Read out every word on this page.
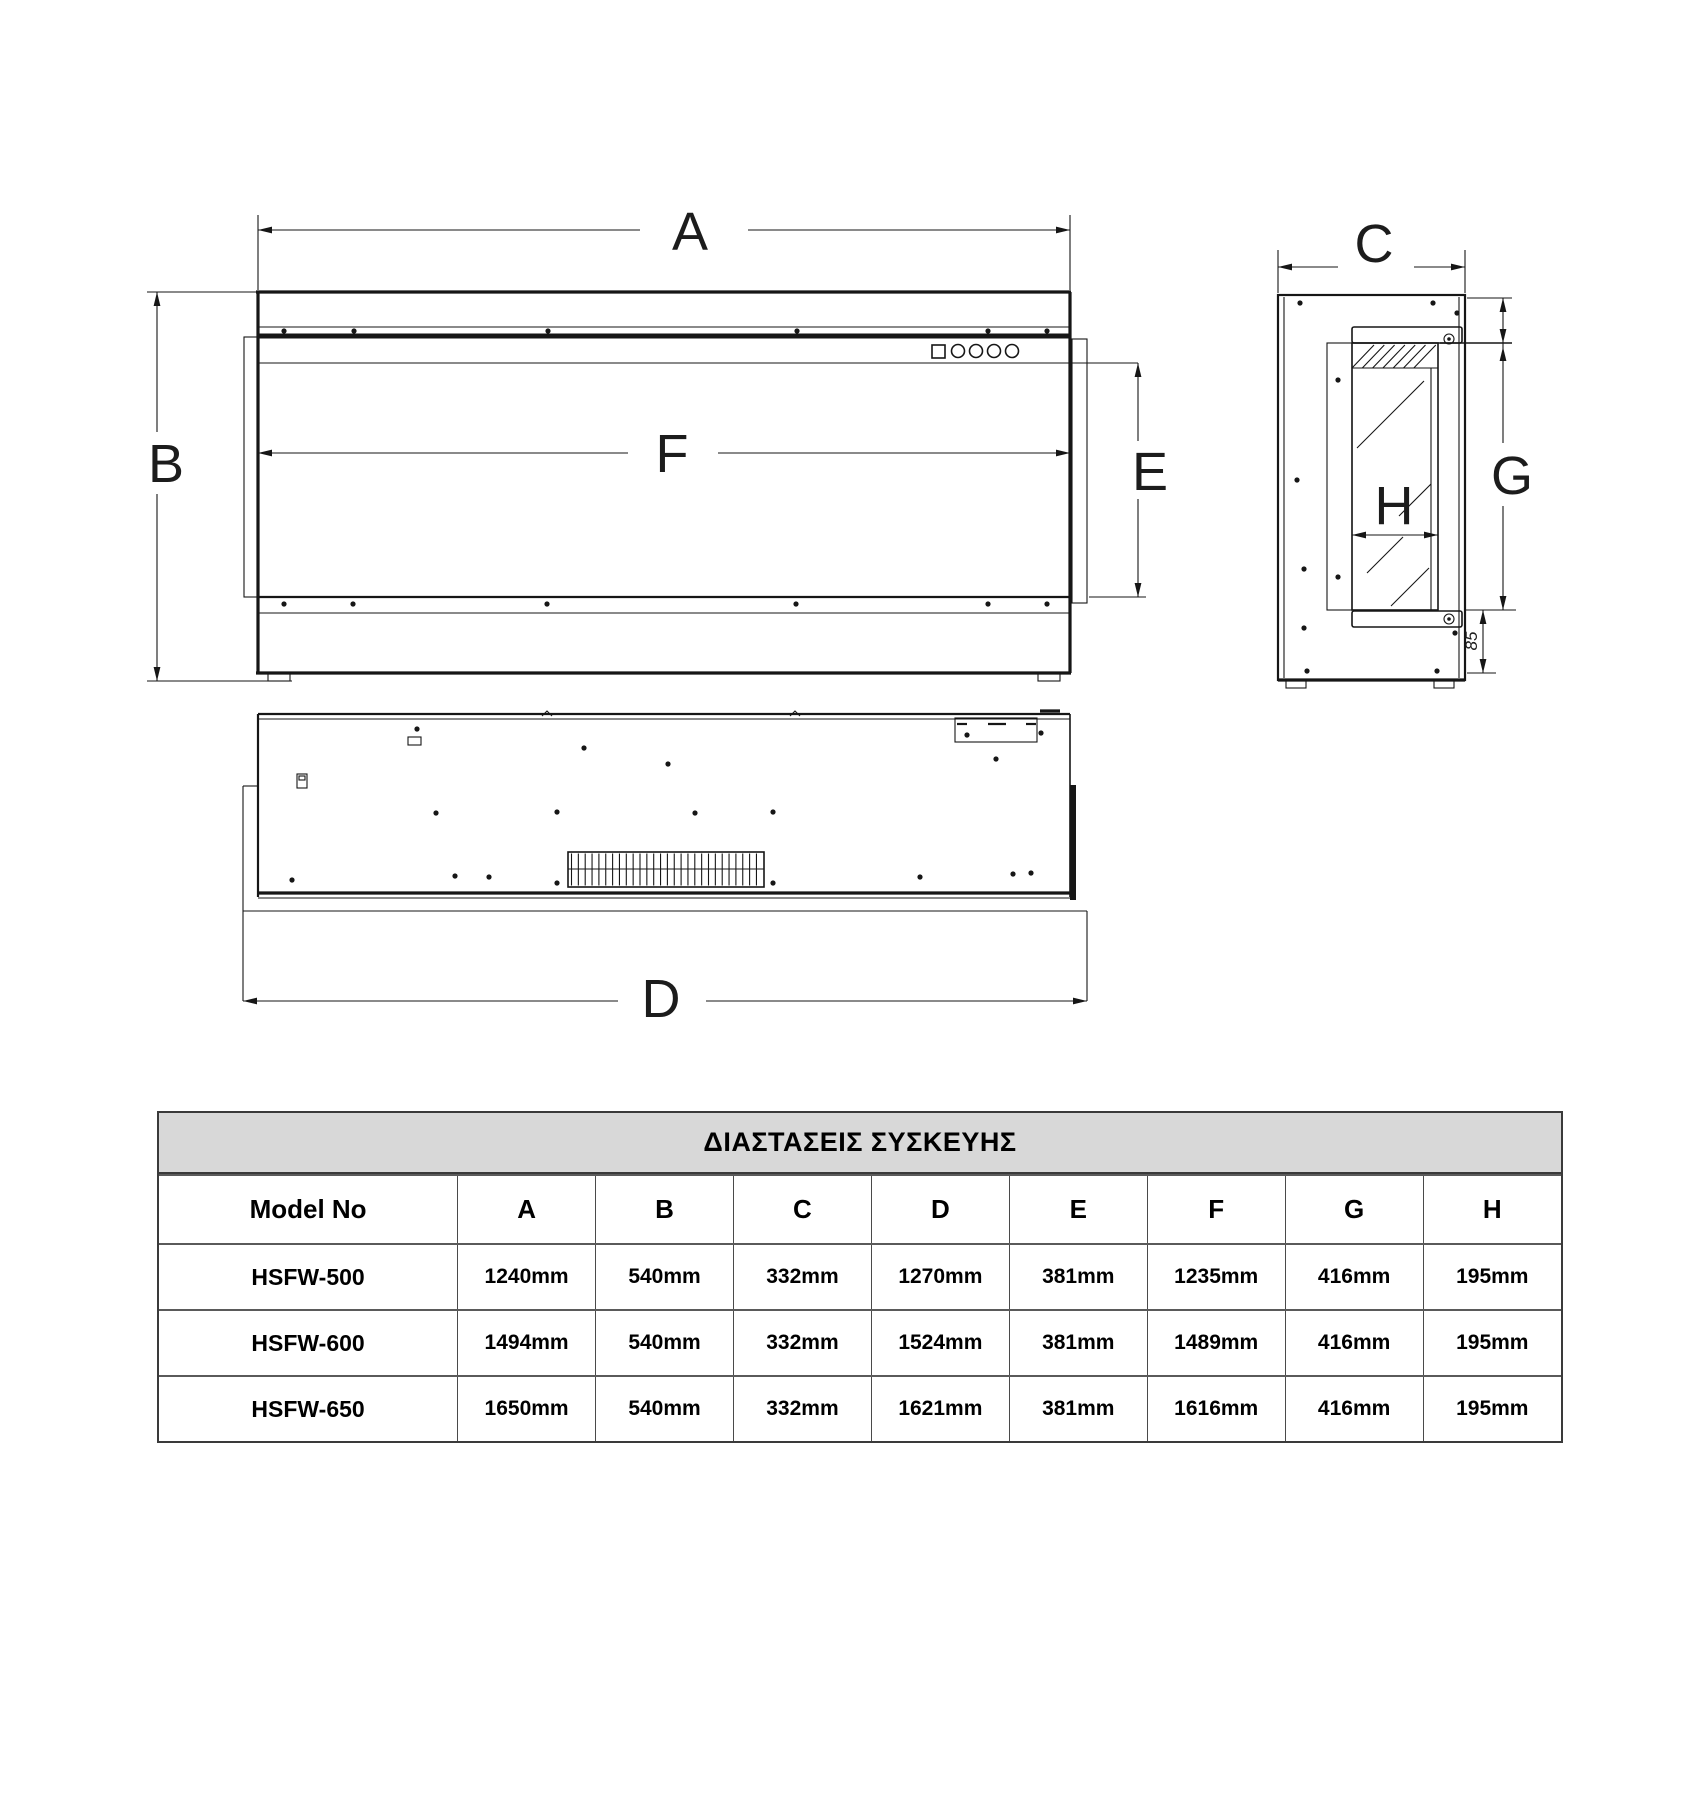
A
B	F	E
C
G
H
85
D
ΔΙΑΣΤΑΣΕΙΣ ΣΥΣΚΕΥΗΣ
Model No	A	B	C	D	E	F	G	H
HSFW-500	1240mm	540mm	332mm	1270mm	381mm	1235mm	416mm	195mm
HSFW-600	1494mm	540mm	332mm	1524mm	381mm	1489mm	416mm	195mm
HSFW-650	1650mm	540mm	332mm	1621mm	381mm	1616mm	416mm	195mm
